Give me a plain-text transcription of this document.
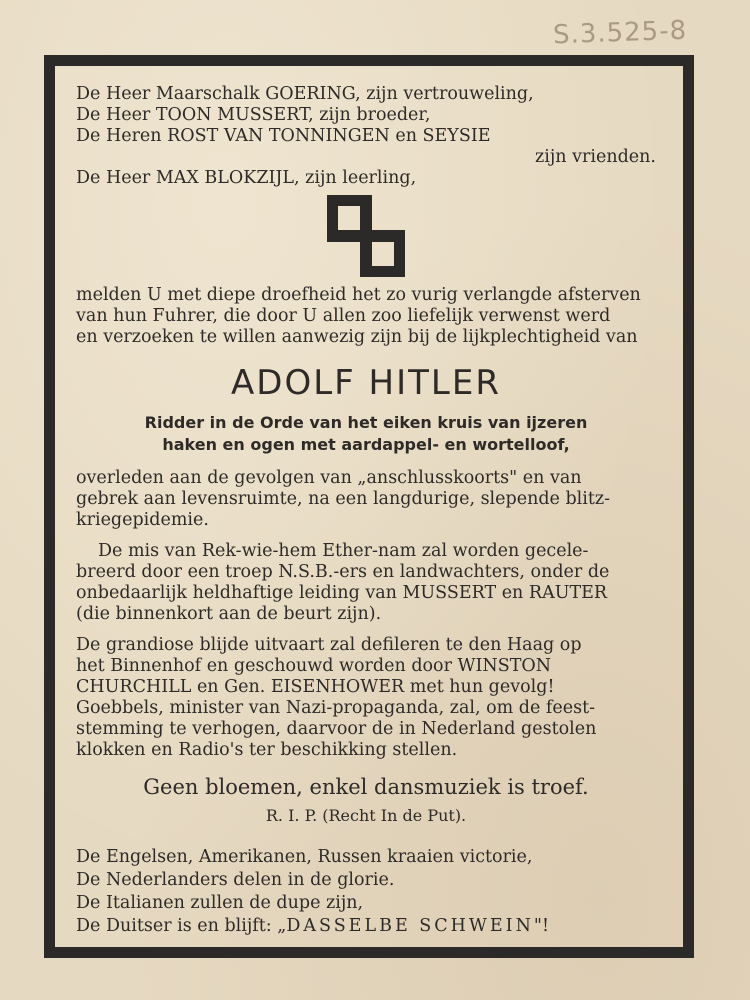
S.3.525-8

De Heer Maarschalk GOERING, zijn vertrouweling,

De Heer TOON MUSSERT, zijn broeder,

De Heren ROST VAN TONNINGEN en SEYSIE

zijn vrienden.

De Heer MAX BLOKZIJL, zijn leerling,

melden U met diepe droefheid het zo vurig verlangde afsterven

van hun Fuhrer, die door U allen zoo liefelijk verwenst werd

en verzoeken te willen aanwezig zijn bij de lijkplechtigheid van

ADOLF HITLER
Ridder in de Orde van het eiken kruis van ijzeren
haken en ogen met aardappel- en wortelloof,

overleden aan de gevolgen van „anschlusskoorts" en van

gebrek aan levensruimte, na een langdurige, slepende blitz-

kriegepidemie.

De mis van Rek-wie-hem Ether-nam zal worden gecele-

breerd door een troep N.S.B.-ers en landwachters, onder de

onbedaarlijk heldhaftige leiding van MUSSERT en RAUTER

(die binnenkort aan de beurt zijn).

De grandiose blijde uitvaart zal defileren te den Haag op

het Binnenhof en geschouwd worden door WINSTON

CHURCHILL en Gen. EISENHOWER met hun gevolg!

Goebbels, minister van Nazi-propaganda, zal, om de feest-

stemming te verhogen, daarvoor de in Nederland gestolen

klokken en Radio's ter beschikking stellen.

Geen bloemen, enkel dansmuziek is troef.
R. I. P. (Recht In de Put).

De Engelsen, Amerikanen, Russen kraaien victorie,

De Nederlanders delen in de glorie.

De Italianen zullen de dupe zijn,

De Duitser is en blijft: „DASSELBE SCHWEIN"!
